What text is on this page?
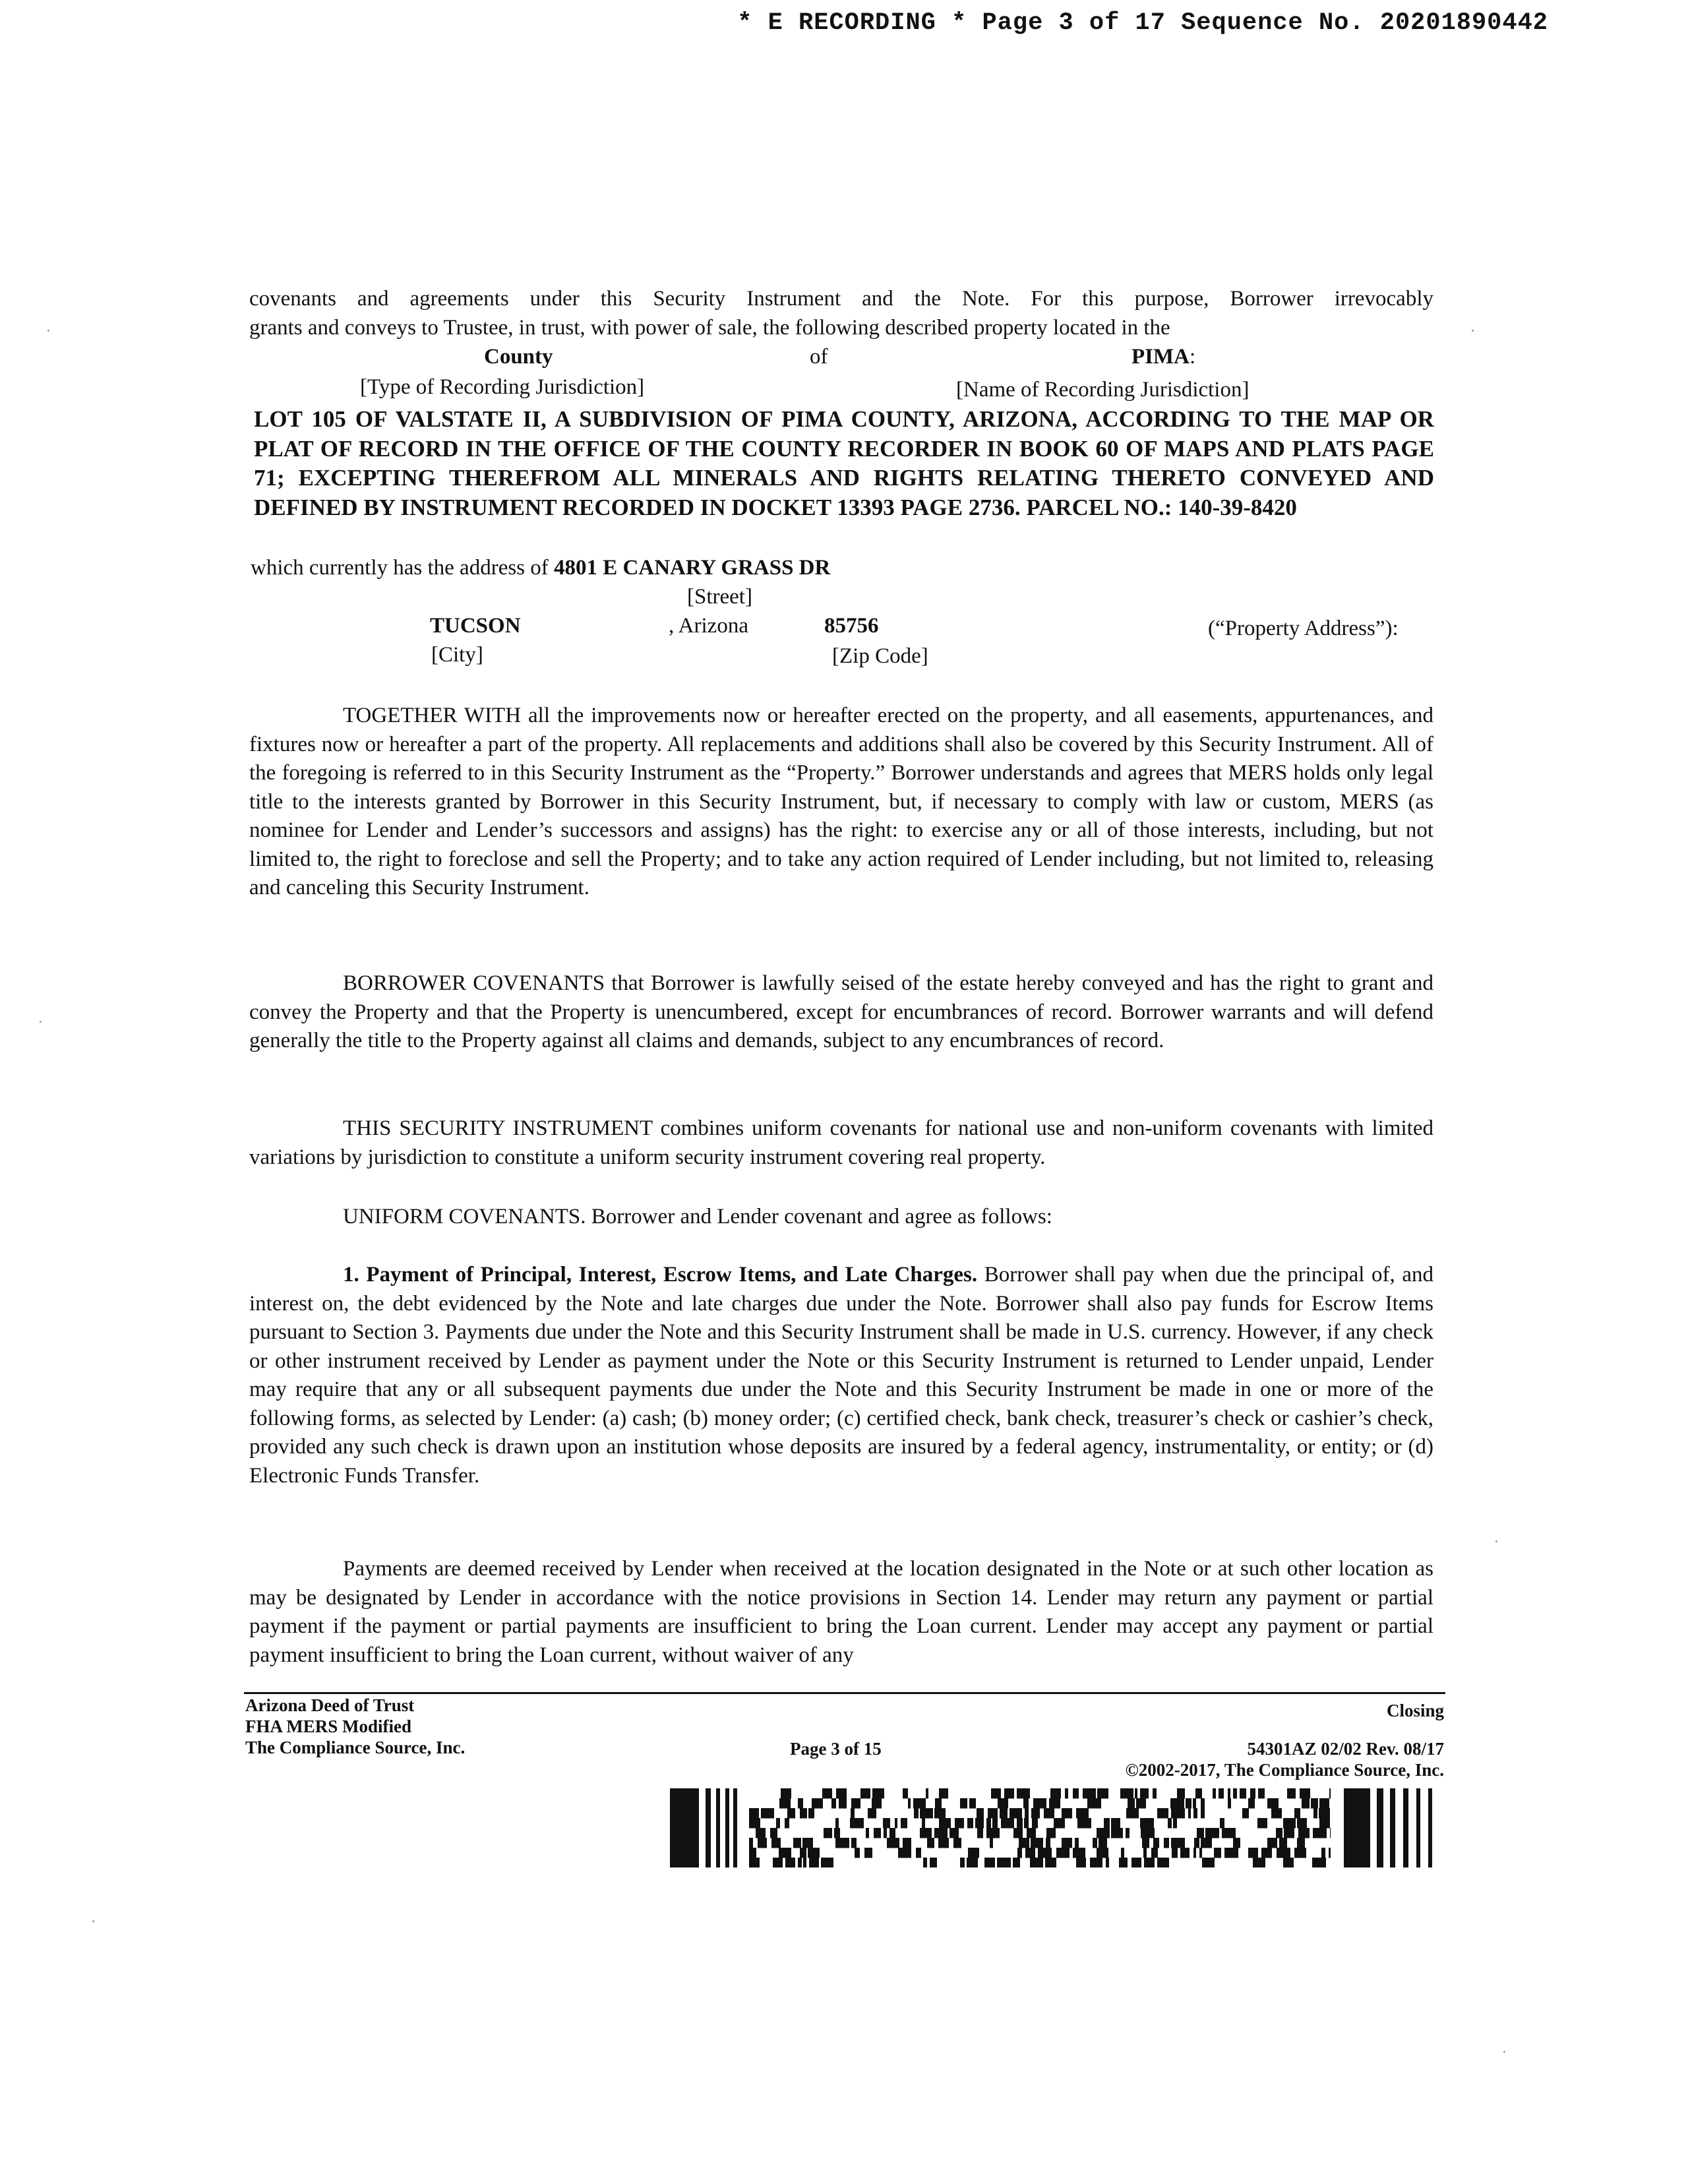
* E RECORDING * Page 3 of 17 Sequence No. 20201890442
covenants and agreements under this Security Instrument and the Note. For this purpose, Borrower irrevocably
grants and conveys to Trustee, in trust, with power of sale, the following described property located in the
County	of	PIMA:
[Type of Recording Jurisdiction]	[Name of Recording Jurisdiction]
LOT 105 OF VALSTATE II, A SUBDIVISION OF PIMA COUNTY, ARIZONA, ACCORDING TO THE MAP OR PLAT OF RECORD IN THE OFFICE OF THE COUNTY RECORDER IN BOOK 60 OF MAPS AND PLATS PAGE 71; EXCEPTING THEREFROM ALL MINERALS AND RIGHTS RELATING THERETO CONVEYED AND DEFINED BY INSTRUMENT RECORDED IN DOCKET 13393 PAGE 2736. PARCEL NO.: 140-39-8420
which currently has the address of 4801 E CANARY GRASS DR
[Street]
TUCSON	, Arizona	85756	(“Property Address”):
[City]	[Zip Code]
TOGETHER WITH all the improvements now or hereafter erected on the property, and all easements, appurtenances, and fixtures now or hereafter a part of the property. All replacements and additions shall also be covered by this Security Instrument. All of the foregoing is referred to in this Security Instrument as the “Property.” Borrower understands and agrees that MERS holds only legal title to the interests granted by Borrower in this Security Instrument, but, if necessary to comply with law or custom, MERS (as nominee for Lender and Lender’s successors and assigns) has the right: to exercise any or all of those interests, including, but not limited to, the right to foreclose and sell the Property; and to take any action required of Lender including, but not limited to, releasing and canceling this Security Instrument.
BORROWER COVENANTS that Borrower is lawfully seised of the estate hereby conveyed and has the right to grant and convey the Property and that the Property is unencumbered, except for encumbrances of record. Borrower warrants and will defend generally the title to the Property against all claims and demands, subject to any encumbrances of record.
THIS SECURITY INSTRUMENT combines uniform covenants for national use and non-uniform covenants with limited variations by jurisdiction to constitute a uniform security instrument covering real property.
UNIFORM COVENANTS. Borrower and Lender covenant and agree as follows:
1. Payment of Principal, Interest, Escrow Items, and Late Charges. Borrower shall pay when due the principal of, and interest on, the debt evidenced by the Note and late charges due under the Note. Borrower shall also pay funds for Escrow Items pursuant to Section 3. Payments due under the Note and this Security Instrument shall be made in U.S. currency. However, if any check or other instrument received by Lender as payment under the Note or this Security Instrument is returned to Lender unpaid, Lender may require that any or all subsequent payments due under the Note and this Security Instrument be made in one or more of the following forms, as selected by Lender: (a) cash; (b) money order; (c) certified check, bank check, treasurer’s check or cashier’s check, provided any such check is drawn upon an institution whose deposits are insured by a federal agency, instrumentality, or entity; or (d) Electronic Funds Transfer.
Payments are deemed received by Lender when received at the location designated in the Note or at such other location as may be designated by Lender in accordance with the notice provisions in Section 14. Lender may return any payment or partial payment if the payment or partial payments are insufficient to bring the Loan current. Lender may accept any payment or partial payment insufficient to bring the Loan current, without waiver of any
Arizona Deed of Trust
FHA MERS Modified
The Compliance Source, Inc.
Closing
Page 3 of 15	54301AZ 02/02 Rev. 08/17
©2002-2017, The Compliance Source, Inc.
